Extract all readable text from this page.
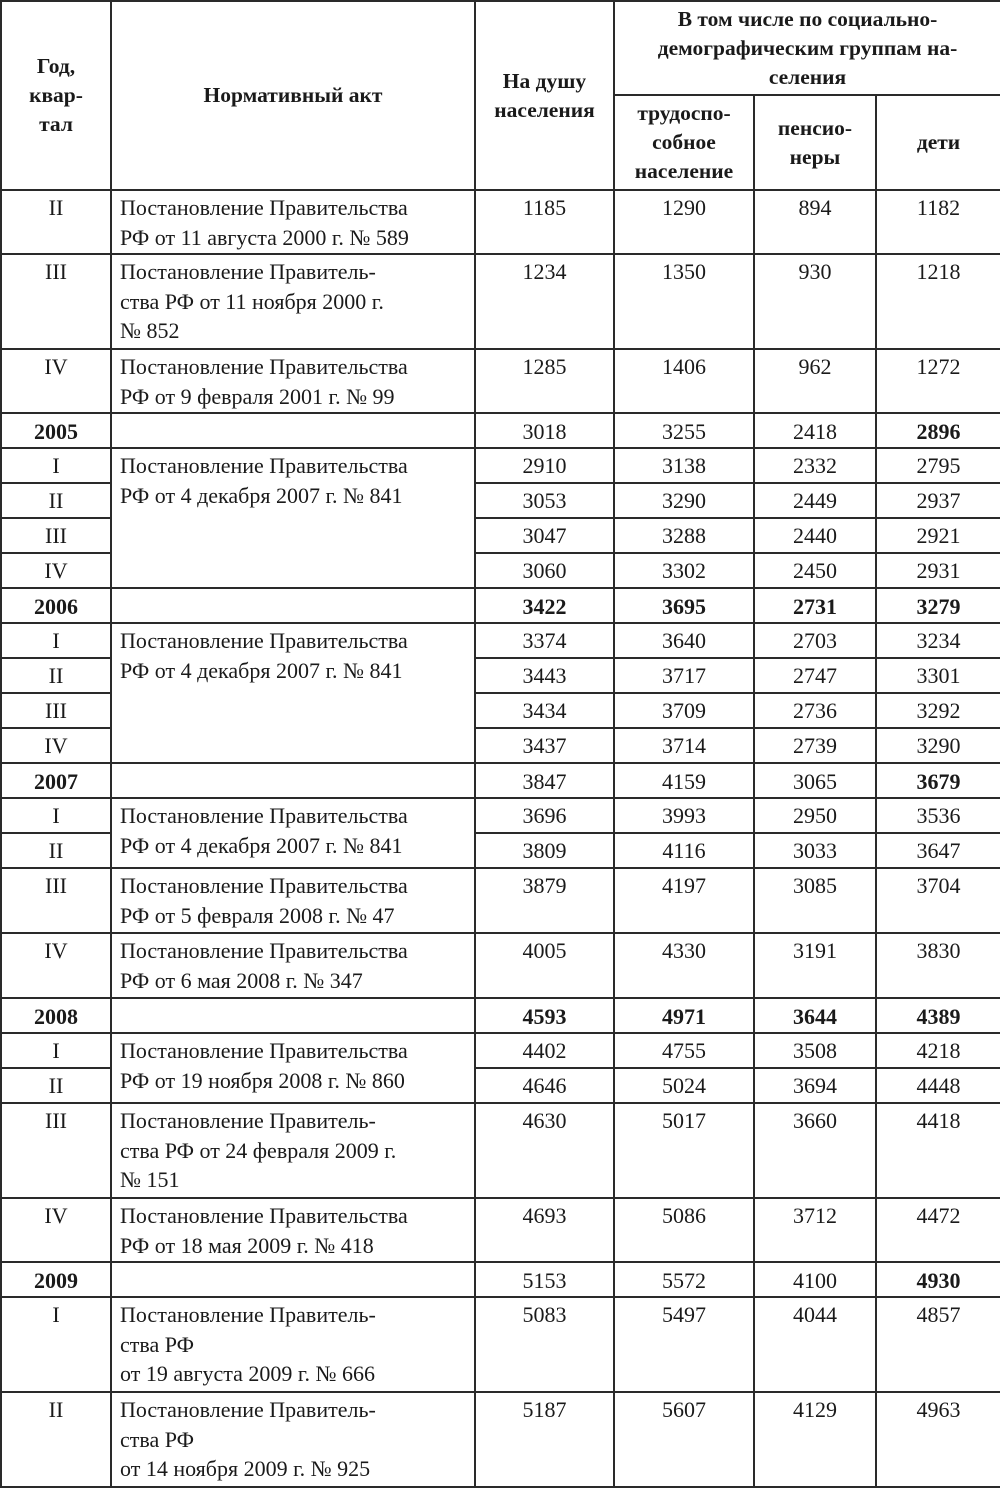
Год,
квар-
тал	Нормативный акт	На душу
населения	В том числе по социально-
демографическим группам на-
селения		
			трудоспо-
собное
население	пенсио-
неры	дети
II	Постановление Правительства
РФ от 11 августа 2000 г. № 589	1185	1290	894	1182
III	Постановление Правитель-
ства РФ от 11 ноября 2000 г.
№ 852	1234	1350	930	1218
IV	Постановление Правительства
РФ от 9 февраля 2001 г. № 99	1285	1406	962	1272
2005		3018	3255	2418	2896
I	Постановление Правительства
РФ от 4 декабря 2007 г. № 841	2910	3138	2332	2795
II		3053	3290	2449	2937
III		3047	3288	2440	2921
IV		3060	3302	2450	2931
2006		3422	3695	2731	3279
I	Постановление Правительства
РФ от 4 декабря 2007 г. № 841	3374	3640	2703	3234
II		3443	3717	2747	3301
III		3434	3709	2736	3292
IV		3437	3714	2739	3290
2007		3847	4159	3065	3679
I	Постановление Правительства
РФ от 4 декабря 2007 г. № 841	3696	3993	2950	3536
II		3809	4116	3033	3647
III	Постановление Правительства
РФ от 5 февраля 2008 г. № 47	3879	4197	3085	3704
IV	Постановление Правительства
РФ от 6 мая 2008 г. № 347	4005	4330	3191	3830
2008		4593	4971	3644	4389
I	Постановление Правительства
РФ от 19 ноября 2008 г. № 860	4402	4755	3508	4218
II		4646	5024	3694	4448
III	Постановление Правитель-
ства РФ от 24 февраля 2009 г.
№ 151	4630	5017	3660	4418
IV	Постановление Правительства
РФ от 18 мая 2009 г. № 418	4693	5086	3712	4472
2009		5153	5572	4100	4930
I	Постановление Правитель-
ства РФ
от 19 августа 2009 г. № 666	5083	5497	4044	4857
II	Постановление Правитель-
ства РФ
от 14 ноября 2009 г. № 925	5187	5607	4129	4963
